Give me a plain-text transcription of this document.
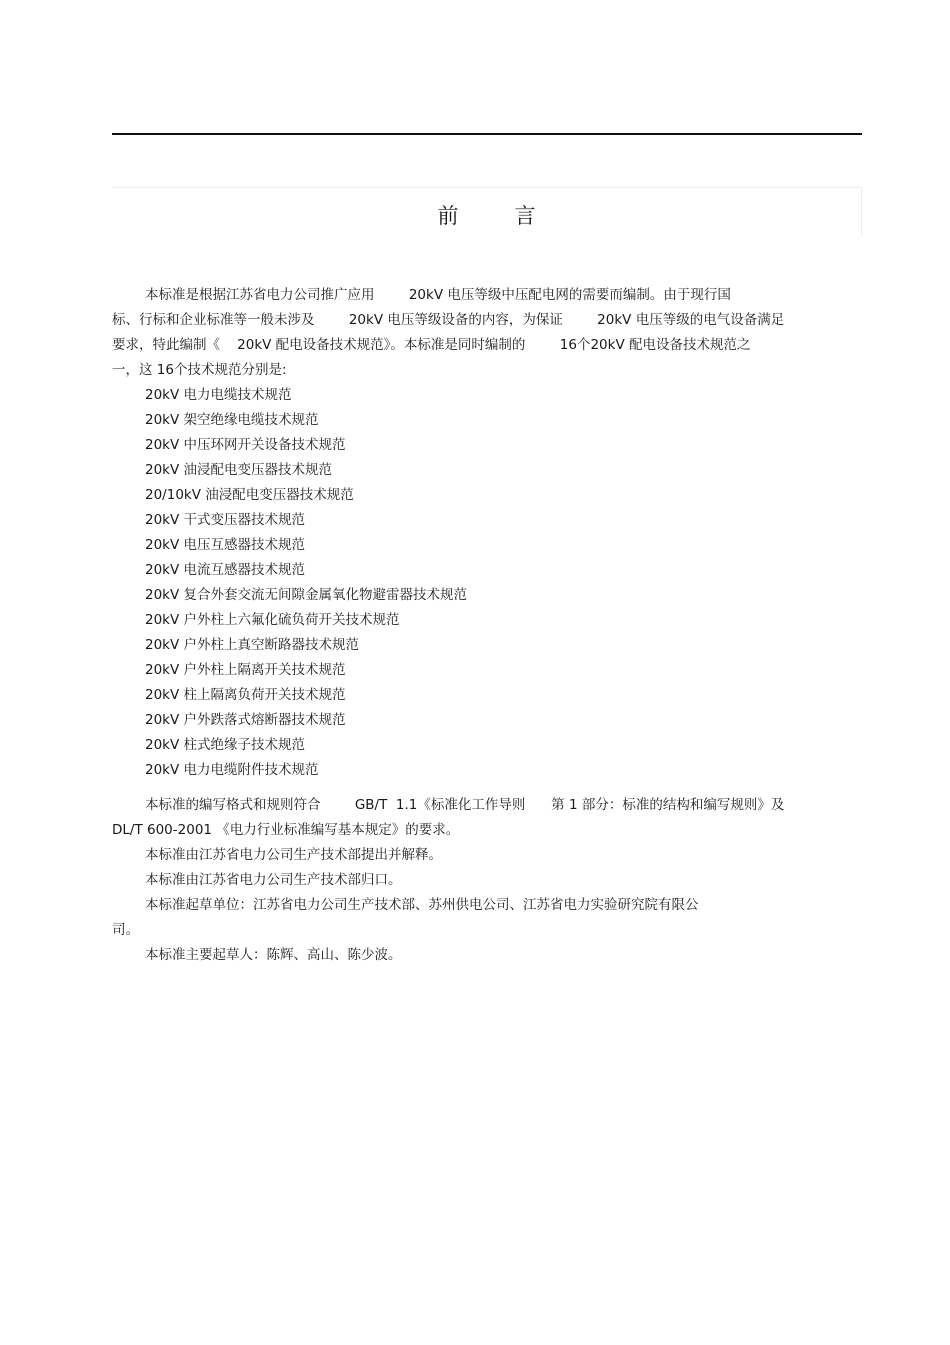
前言

本标准是根据江苏省电力公司推广应用        20kV 电压等级中压配电网的需要而编制。由于现行国

标、行标和企业标准等一般未涉及        20kV 电压等级设备的内容，为保证        20kV 电压等级的电气设备满足

要求，特此编制《    20kV 配电设备技术规范》。本标准是同时编制的        16个20kV 配电设备技术规范之

一，这 16个技术规范分别是:

20kV 电力电缆技术规范
20kV 架空绝缘电缆技术规范
20kV 中压环网开关设备技术规范
20kV 油浸配电变压器技术规范
20/10kV 油浸配电变压器技术规范
20kV 干式变压器技术规范
20kV 电压互感器技术规范
20kV 电流互感器技术规范
20kV 复合外套交流无间隙金属氧化物避雷器技术规范
20kV 户外柱上六氟化硫负荷开关技术规范
20kV 户外柱上真空断路器技术规范
20kV 户外柱上隔离开关技术规范
20kV 柱上隔离负荷开关技术规范
20kV 户外跌落式熔断器技术规范
20kV 柱式绝缘子技术规范
20kV 电力电缆附件技术规范

本标准的编写格式和规则符合        GB/T  1.1《标准化工作导则      第 1 部分：标准的结构和编写规则》及

DL/T 600-2001 《电力行业标准编写基本规定》的要求。

本标准由江苏省电力公司生产技术部提出并解释。

本标准由江苏省电力公司生产技术部归口。

本标准起草单位：江苏省电力公司生产技术部、苏州供电公司、江苏省电力实验研究院有限公

司。

本标准主要起草人：陈辉、高山、陈少波。
